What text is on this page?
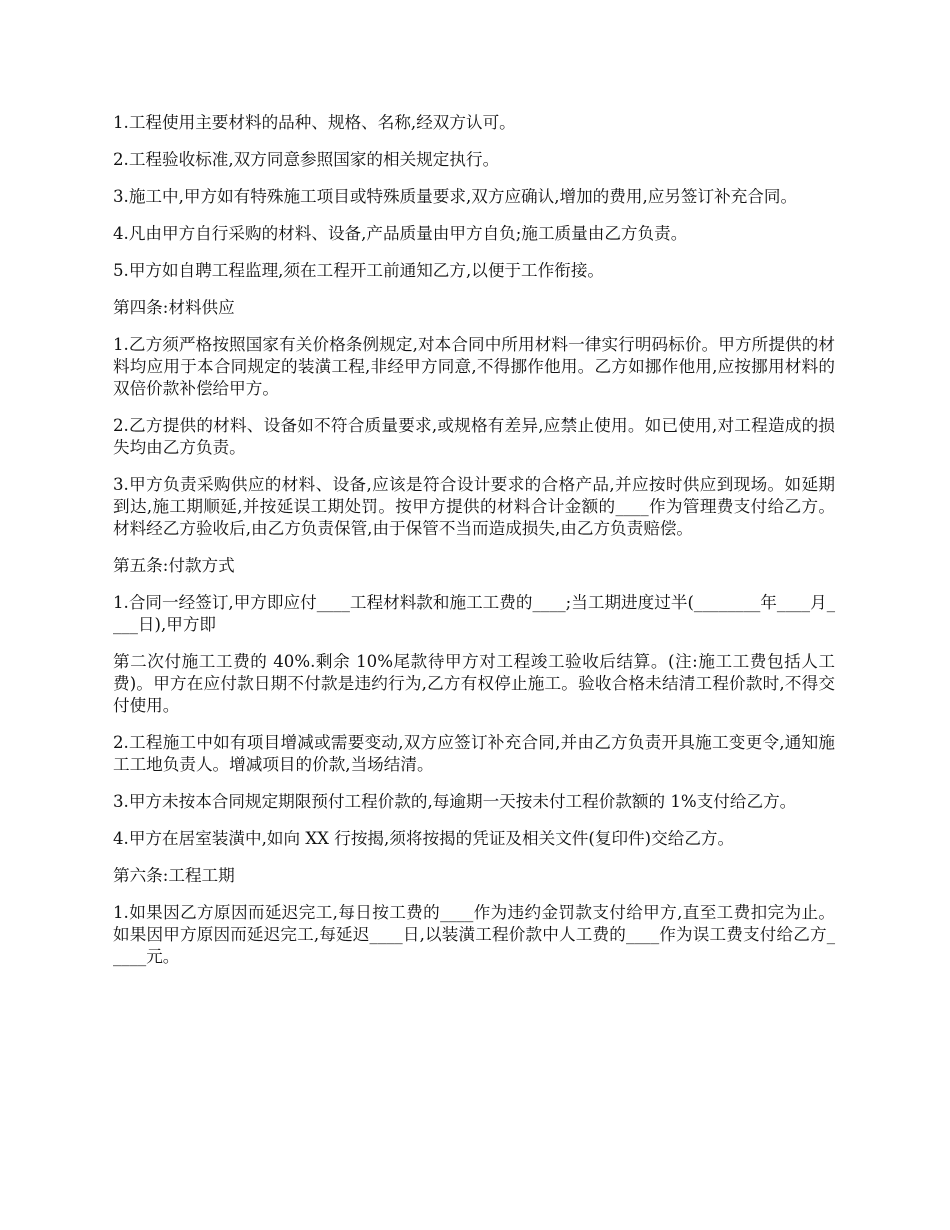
1.工程使用主要材料的品种、规格、名称,经双方认可。

2.工程验收标准,双方同意参照国家的相关规定执行。

3.施工中,甲方如有特殊施工项目或特殊质量要求,双方应确认,增加的费用,应另签订补充合同。

4.凡由甲方自行采购的材料、设备,产品质量由甲方自负;施工质量由乙方负责。

5.甲方如自聘工程监理,须在工程开工前通知乙方,以便于工作衔接。

第四条:材料供应

1.乙方须严格按照国家有关价格条例规定,对本合同中所用材料一律实行明码标价。甲方所提供的材料均应用于本合同规定的装潢工程,非经甲方同意,不得挪作他用。乙方如挪作他用,应按挪用材料的双倍价款补偿给甲方。

2.乙方提供的材料、设备如不符合质量要求,或规格有差异,应禁止使用。如已使用,对工程造成的损失均由乙方负责。

3.甲方负责采购供应的材料、设备,应该是符合设计要求的合格产品,并应按时供应到现场。如延期到达,施工期顺延,并按延误工期处罚。按甲方提供的材料合计金额的____作为管理费支付给乙方。材料经乙方验收后,由乙方负责保管,由于保管不当而造成损失,由乙方负责赔偿。

第五条:付款方式

1.合同一经签订,甲方即应付____工程材料款和施工工费的____;当工期进度过半(________年____月____日),甲方即

第二次付施工工费的 40%.剩余 10%尾款待甲方对工程竣工验收后结算。(注:施工工费包括人工费)。甲方在应付款日期不付款是违约行为,乙方有权停止施工。验收合格未结清工程价款时,不得交付使用。

2.工程施工中如有项目增减或需要变动,双方应签订补充合同,并由乙方负责开具施工变更令,通知施工工地负责人。增减项目的价款,当场结清。

3.甲方未按本合同规定期限预付工程价款的,每逾期一天按未付工程价款额的 1%支付给乙方。

4.甲方在居室装潢中,如向 XX 行按揭,须将按揭的凭证及相关文件(复印件)交给乙方。

第六条:工程工期

1.如果因乙方原因而延迟完工,每日按工费的____作为违约金罚款支付给甲方,直至工费扣完为止。如果因甲方原因而延迟完工,每延迟____日,以装潢工程价款中人工费的____作为误工费支付给乙方_____元。
